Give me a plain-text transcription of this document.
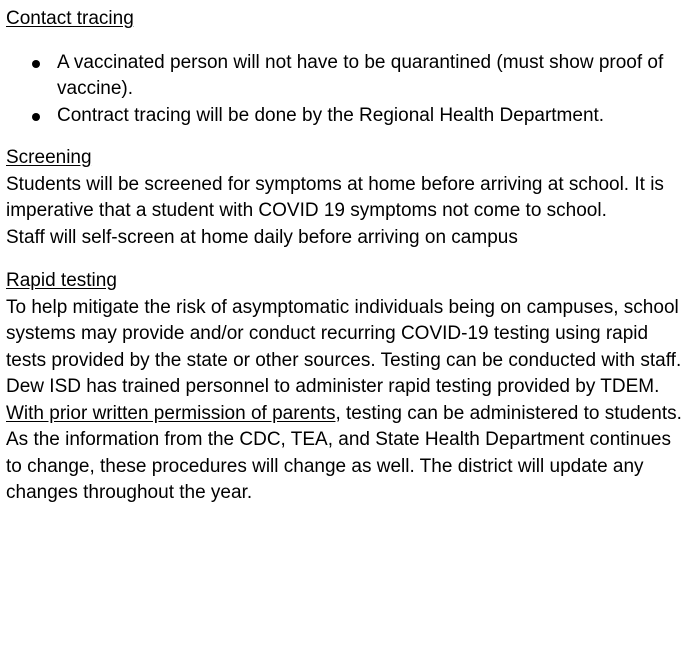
Contact tracing
A vaccinated person will not have to be quarantined (must show proof of vaccine).
Contract tracing will be done by the Regional Health Department.
Screening

Students will be screened for symptoms at home before arriving at school. It is imperative that a student with COVID 19 symptoms not come to school.

Staff will self-screen at home daily before arriving on campus

Rapid testing

To help mitigate the risk of asymptomatic individuals being on campuses, school systems may provide and/or conduct recurring COVID-19 testing using rapid tests provided by the state or other sources. Testing can be conducted with staff. Dew ISD has trained personnel to administer rapid testing provided by TDEM.  With prior written permission of parents, testing can be administered to students.

As the information from the CDC, TEA, and State Health Department continues to change, these procedures will change as well. The district will update any changes throughout the year.
